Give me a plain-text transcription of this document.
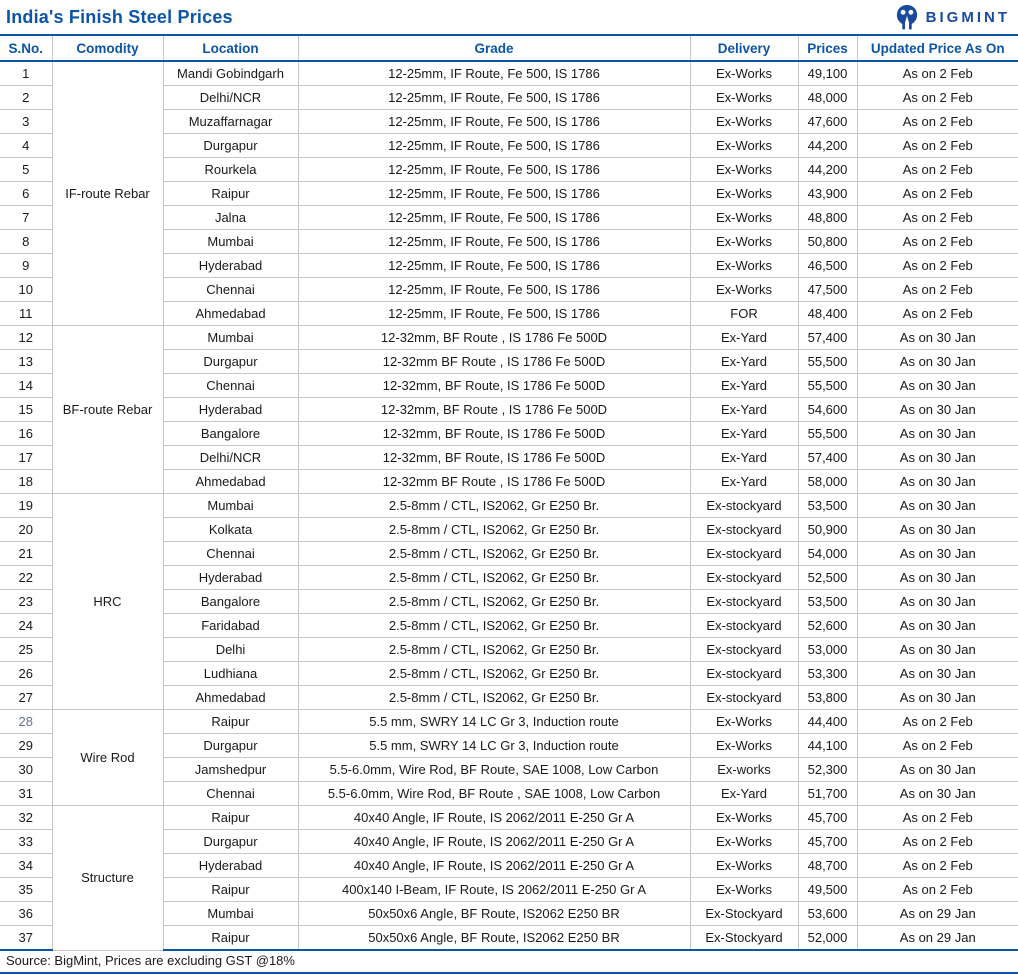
India's Finish Steel Prices	BIGMINT
S.No.	Comodity	Location	Grade	Delivery	Prices	Updated Price As On
1	IF-route Rebar	Mandi Gobindgarh	12-25mm, IF Route, Fe 500, IS 1786	Ex-Works	49,100	As on 2 Feb
2		Delhi/NCR	12-25mm, IF Route, Fe 500, IS 1786	Ex-Works	48,000	As on 2 Feb
3		Muzaffarnagar	12-25mm, IF Route, Fe 500, IS 1786	Ex-Works	47,600	As on 2 Feb
4		Durgapur	12-25mm, IF Route, Fe 500, IS 1786	Ex-Works	44,200	As on 2 Feb
5		Rourkela	12-25mm, IF Route, Fe 500, IS 1786	Ex-Works	44,200	As on 2 Feb
6		Raipur	12-25mm, IF Route, Fe 500, IS 1786	Ex-Works	43,900	As on 2 Feb
7		Jalna	12-25mm, IF Route, Fe 500, IS 1786	Ex-Works	48,800	As on 2 Feb
8		Mumbai	12-25mm, IF Route, Fe 500, IS 1786	Ex-Works	50,800	As on 2 Feb
9		Hyderabad	12-25mm, IF Route, Fe 500, IS 1786	Ex-Works	46,500	As on 2 Feb
10		Chennai	12-25mm, IF Route, Fe 500, IS 1786	Ex-Works	47,500	As on 2 Feb
11		Ahmedabad	12-25mm, IF Route, Fe 500, IS 1786	FOR	48,400	As on 2 Feb
12	BF-route Rebar	Mumbai	12-32mm, BF Route , IS 1786 Fe 500D	Ex-Yard	57,400	As on 30 Jan
13		Durgapur	12-32mm BF Route , IS 1786 Fe 500D	Ex-Yard	55,500	As on 30 Jan
14		Chennai	12-32mm, BF Route, IS 1786 Fe 500D	Ex-Yard	55,500	As on 30 Jan
15		Hyderabad	12-32mm, BF Route , IS 1786 Fe 500D	Ex-Yard	54,600	As on 30 Jan
16		Bangalore	12-32mm, BF Route, IS 1786 Fe 500D	Ex-Yard	55,500	As on 30 Jan
17		Delhi/NCR	12-32mm, BF Route, IS 1786 Fe 500D	Ex-Yard	57,400	As on 30 Jan
18		Ahmedabad	12-32mm BF Route , IS 1786 Fe 500D	Ex-Yard	58,000	As on 30 Jan
19	HRC	Mumbai	2.5-8mm / CTL, IS2062, Gr E250 Br.	Ex-stockyard	53,500	As on 30 Jan
20		Kolkata	2.5-8mm / CTL, IS2062, Gr E250 Br.	Ex-stockyard	50,900	As on 30 Jan
21		Chennai	2.5-8mm / CTL, IS2062, Gr E250 Br.	Ex-stockyard	54,000	As on 30 Jan
22		Hyderabad	2.5-8mm / CTL, IS2062, Gr E250 Br.	Ex-stockyard	52,500	As on 30 Jan
23		Bangalore	2.5-8mm / CTL, IS2062, Gr E250 Br.	Ex-stockyard	53,500	As on 30 Jan
24		Faridabad	2.5-8mm / CTL, IS2062, Gr E250 Br.	Ex-stockyard	52,600	As on 30 Jan
25		Delhi	2.5-8mm / CTL, IS2062, Gr E250 Br.	Ex-stockyard	53,000	As on 30 Jan
26		Ludhiana	2.5-8mm / CTL, IS2062, Gr E250 Br.	Ex-stockyard	53,300	As on 30 Jan
27		Ahmedabad	2.5-8mm / CTL, IS2062, Gr E250 Br.	Ex-stockyard	53,800	As on 30 Jan
28	Wire Rod	Raipur	5.5 mm, SWRY 14 LC Gr 3, Induction route	Ex-Works	44,400	As on 2 Feb
29		Durgapur	5.5 mm, SWRY 14 LC Gr 3, Induction route	Ex-Works	44,100	As on 2 Feb
30		Jamshedpur	5.5-6.0mm, Wire Rod, BF Route, SAE 1008, Low Carbon	Ex-works	52,300	As on 30 Jan
31		Chennai	5.5-6.0mm, Wire Rod, BF Route , SAE 1008, Low Carbon	Ex-Yard	51,700	As on 30 Jan
32	Structure	Raipur	40x40 Angle, IF Route, IS 2062/2011 E-250 Gr A	Ex-Works	45,700	As on 2 Feb
33		Durgapur	40x40 Angle, IF Route, IS 2062/2011 E-250 Gr A	Ex-Works	45,700	As on 2 Feb
34		Hyderabad	40x40 Angle, IF Route, IS 2062/2011 E-250 Gr A	Ex-Works	48,700	As on 2 Feb
35		Raipur	400x140 I-Beam, IF Route, IS 2062/2011 E-250 Gr A	Ex-Works	49,500	As on 2 Feb
36		Mumbai	50x50x6 Angle, BF Route, IS2062 E250 BR	Ex-Stockyard	53,600	As on 29 Jan
37		Raipur	50x50x6 Angle, BF Route, IS2062 E250 BR	Ex-Stockyard	52,000	As on 29 Jan
Source: BigMint, Prices are excluding GST @18%
